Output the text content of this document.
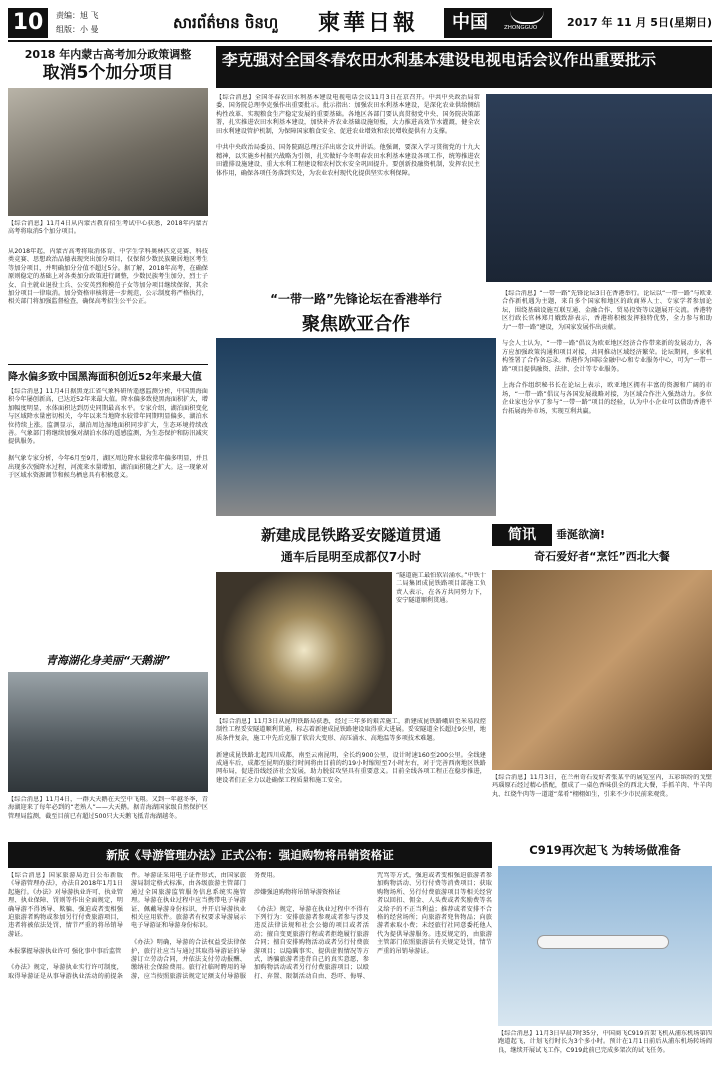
10	责编：旭 飞
组版：小 曼	សារព័ត៌មាន ចិនហួ	柬華日報	中国	ZHONGGUO	2017 年 11 月 5日(星期日)
2018 年内蒙古高考加分政策调整
取消5个加分项目
【综合消息】11月4日从内蒙古教育招生考试中心获悉，2018年内蒙古高考将取消5个加分项目。
从2018年起，内蒙古高考将取消体育、中学生学科奥林匹克竞赛、科技类竞赛、思想政治品德表现突出加分项目，仅保留少数民族聚居地区考生等加分项目，并明确加分分值不超过5分。据了解，2018年高考，在确保原则稳定的基础上对各类加分政策进行调整，少数民族考生加分，烈士子女、自主就业退役士兵、公安英烈和模范子女等加分项目继续保留，其余加分项目一律取消。加分资格审核将进一步规范，公示制度将严格执行，相关部门将加强监督检查，确保高考招生公平公正。
降水偏多致中国黑海面积创近52年来最大值
【综合消息】11月4日据黑龙江省气象科研所遥感监测分析，中国黑海面积今年屡创新高，已达近52年来最大值。降水偏多致使黑海面积扩大，增加幅度明显，水体面积达到历史同期最高水平。专家介绍，湖泊面积变化与区域降水量密切相关，今年以来当地降水较常年同期明显偏多，湖泊水位持续上涨。监测显示，湖泊周边湿地面积同步扩大，生态环境持续改善。气象部门将继续加强对湖泊水体的遥感监测，为生态保护和防汛减灾提供服务。

据气象专家分析，今年6月至9月，湖区周边降水量较常年偏多明显，并且出现多次强降水过程，河流来水量增加，湖泊面积随之扩大。这一现象对于区域水资源调节和候鸟栖息具有积极意义。
青海湖化身美丽“天鹅湖”
【综合消息】11月4日，一群大天鹅在天空中飞翔。又到一年越冬季，青海湖迎来了每年必到的“老熟人”——大天鹅。据青海湖国家级自然保护区管理局监测，截至目前已有超过500只大天鹅飞抵青海湖越冬。
李克强对全国冬春农田水利基本建设电视电话会议作出重要批示
【综合消息】全国冬春农田水利基本建设电视电话会议11月3日在京召开。中共中央政治局常委、国务院总理李克强作出重要批示。批示指出：加强农田水利基本建设，是深化农业供给侧结构性改革、实现粮食生产稳定发展的重要基础。各地区各部门要认真贯彻党中央、国务院决策部署，扎实推进农田水利基本建设，加快补齐农业基础设施短板，大力推进高效节水灌溉，健全农田水利建设管护机制，为保障国家粮食安全、促进农业增效和农民增收提供有力支撑。

中共中央政治局委员、国务院副总理汪洋出席会议并讲话。他强调，要深入学习贯彻党的十九大精神，以实施乡村振兴战略为引领，扎实做好今冬明春农田水利基本建设各项工作，统筹推进农田灌排设施建设、重大水利工程建设和农村饮水安全巩固提升。要创新投融资机制，发挥农民主体作用，确保各项任务落到实处，为农业农村现代化提供坚实水利保障。
“一带一路”先锋论坛在香港举行
聚焦欧亚合作
【综合消息】“一带一路”先锋论坛3日在香港举行。论坛以“一带一路”与欧亚合作新机遇为主题，来自多个国家和地区的政商界人士、专家学者参加论坛，围绕基础设施互联互通、金融合作、贸易投资等议题展开交流。香港特区行政长官林郑月娥致辞表示，香港将积极发挥独特优势，全力参与和助力“一带一路”建设，为国家发展作出贡献。

与会人士认为，“一带一路”倡议为欧亚地区经济合作带来新的发展动力，各方应加强政策沟通和项目对接，共同推动区域经济繁荣。论坛期间，多家机构签署了合作备忘录。香港作为国际金融中心和专业服务中心，可为“一带一路”项目提供融资、法律、会计等专业服务。

上海合作组织秘书长在论坛上表示，欧亚地区拥有丰富的资源和广阔的市场，“一带一路”倡议与各国发展战略对接，为区域合作注入强劲动力。多位企业家也分享了参与“一带一路”项目的经验，认为中小企业可以借助香港平台拓展海外市场，实现互利共赢。
新建成昆铁路妥安隧道贯通
通车后昆明至成都仅7小时
“隧道施工最怕软岩涌水。”中铁十二局集团成昆铁路项目部施工负责人表示，在各方共同努力下，安宁隧道顺利贯通。
【综合消息】11月3日从昆明铁路局获悉，经过三年多的艰苦施工，新建成昆铁路峨眉至米易段控制性工程妥安隧道顺利贯通，标志着新建成昆铁路建设取得重大进展。妥安隧道全长超过9公里，地质条件复杂，施工中先后克服了软岩大变形、高压涌水、高地温等多项技术难题。

新建成昆铁路北起四川成都，南至云南昆明，全长约900公里，设计时速160至200公里。全线建成通车后，成都至昆明的旅行时间将由目前的约19小时缩短至7小时左右，对于完善西南地区铁路网布局，促进沿线经济社会发展，助力脱贫攻坚具有重要意义。目前全线各项工程正在稳步推进，建设者们正全力以赴确保工程质量和施工安全。
简讯	垂涎欲滴!
奇石爱好者“烹饪”西北大餐
【综合消息】11月3日，在兰州奇石爱好者张某平的展览室内，五彩缤纷的戈壁玛瑙原石经过精心搭配，摆成了一桌色香味俱全的西北大餐，手抓羊肉、牛羊肉丸、红烧牛肉等一道道“菜肴”栩栩如生，引来不少市民前来观赏。
新版《导游管理办法》正式公布：强迫购物将吊销资格证
【综合消息】国家旅游局近日公布新版《导游管理办法》，办法自2018年1月1日起施行。《办法》对导游执业许可、执业管理、执业保障、罚则等作出全面规定，明确导游不得诱导、欺骗、强迫或者变相强迫旅游者购物或参加另行付费旅游项目，违者将被依法处罚，情节严重的将吊销导游证。

本报掌握导游执业许可 强化事中事后监管

《办法》规定，导游执业实行许可制度，取得导游证是从事导游执业活动的前提条件。导游证采用电子证件形式，由国家旅游局制定格式标准，由各级旅游主管部门通过全国旅游监管服务信息系统实施管理。导游在执业过程中应当携带电子导游证、佩戴导游身份标识，并开启导游执业相关应用软件。旅游者有权要求导游展示电子导游证和导游身份标识。

《办法》明确，导游的合法权益受法律保护，旅行社应当与通过其取得导游证的导游订立劳动合同，并依法支付劳动报酬、缴纳社会保险费用。旅行社临时聘用的导游，应当按照旅游法规定足额支付导游服务费用。

涉嫌强迫购物将吊销导游资格证

《办法》规定，导游在执业过程中不得有下列行为：安排旅游者参观或者参与涉及违反法律法规和社会公德的项目或者活动；擅自变更旅游行程或者拒绝履行旅游合同；擅自安排购物活动或者另行付费旅游项目；以隐瞒事实、提供虚假情况等方式，诱骗旅游者违背自己的真实意愿，参加购物活动或者另行付费旅游项目；以殴打、弃置、限制活动自由、恐吓、侮辱、咒骂等方式，强迫或者变相强迫旅游者参加购物活动、另行付费等消费项目；获取购物场所、另行付费旅游项目等相关经营者以回扣、佣金、人头费或者奖励费等名义给予的不正当利益；推荐或者安排不合格的经营场所；向旅游者兜售物品；向旅游者索取小费；未经旅行社同意委托他人代为提供导游服务。违反规定的，由旅游主管部门依照旅游法有关规定处罚，情节严重的吊销导游证。
C919再次起飞 为转场做准备
【综合消息】11月3日早晨7时35分，中国商飞C919首架飞机从浦东机场第四跑道起飞，计划飞行时长为3个多小时。预计在1月1日前后从浦东机场转场阎良，继续开展试飞工作，C919此前已完成多架次的试飞任务。
